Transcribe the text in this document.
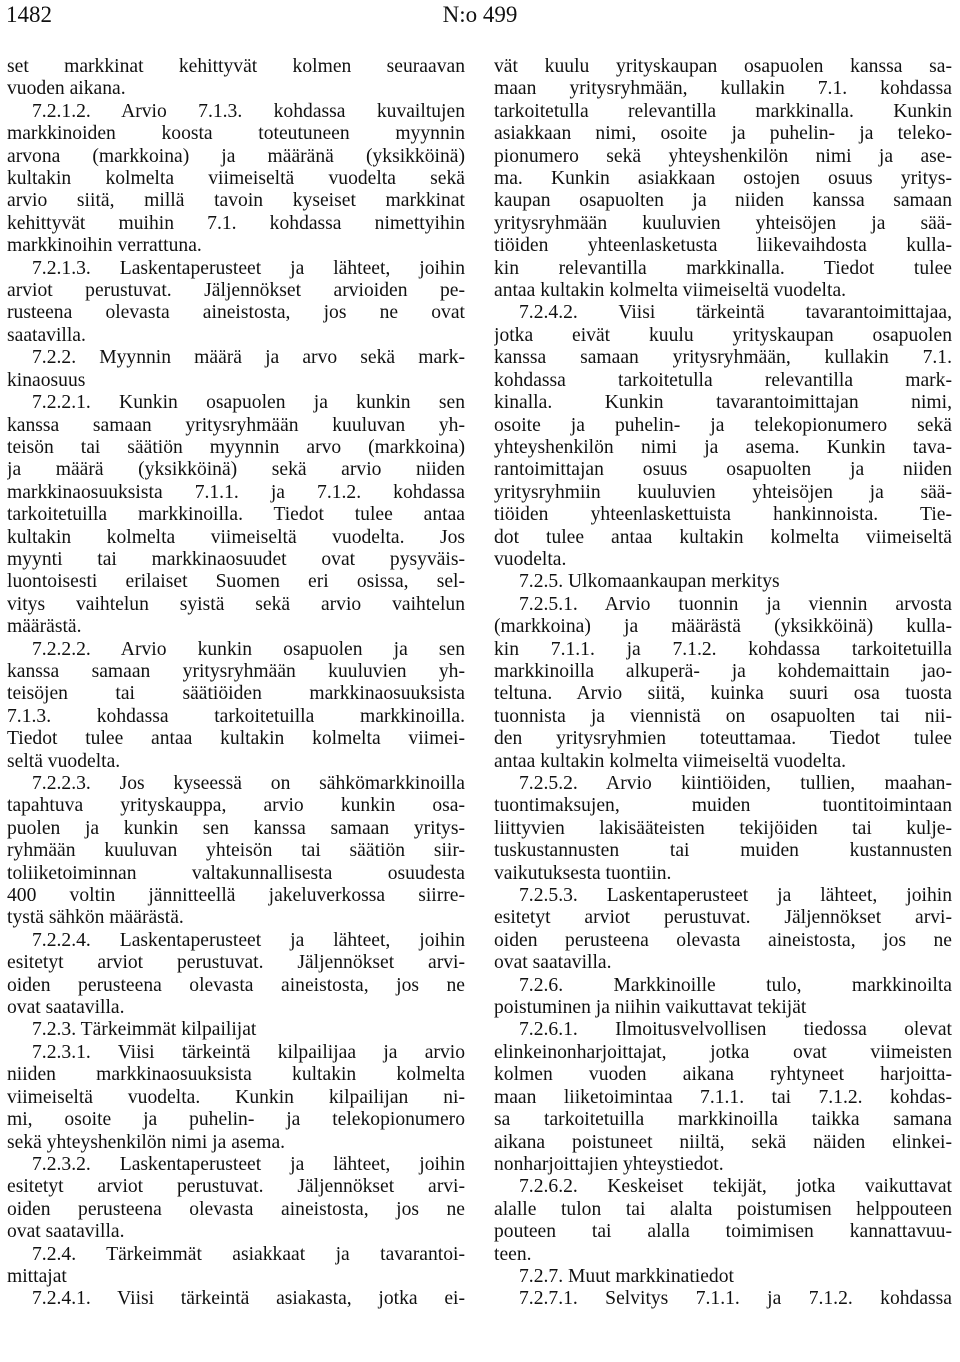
1482	N:o 499
set markkinat kehittyvät kolmen seuraavan
vuoden aikana.
7.2.1.2. Arvio 7.1.3. kohdassa kuvailtujen
markkinoiden koosta toteutuneen myynnin
arvona (markkoina) ja määränä (yksikköinä)
kultakin kolmelta viimeiseltä vuodelta sekä
arvio siitä, millä tavoin kyseiset markkinat
kehittyvät muihin 7.1. kohdassa nimettyihin
markkinoihin verrattuna.
7.2.1.3. Laskentaperusteet ja lähteet, joihin
arviot perustuvat. Jäljennökset arvioiden pe-
rusteena olevasta aineistosta, jos ne ovat
saatavilla.
7.2.2. Myynnin määrä ja arvo sekä mark-
kinaosuus
7.2.2.1. Kunkin osapuolen ja kunkin sen
kanssa samaan yritysryhmään kuuluvan yh-
teisön tai säätiön myynnin arvo (markkoina)
ja määrä (yksikköinä) sekä arvio niiden
markkinaosuuksista 7.1.1. ja 7.1.2. kohdassa
tarkoitetuilla markkinoilla. Tiedot tulee antaa
kultakin kolmelta viimeiseltä vuodelta. Jos
myynti tai markkinaosuudet ovat pysyväis-
luontoisesti erilaiset Suomen eri osissa, sel-
vitys vaihtelun syistä sekä arvio vaihtelun
määrästä.
7.2.2.2. Arvio kunkin osapuolen ja sen
kanssa samaan yritysryhmään kuuluvien yh-
teisöjen tai säätiöiden markkinaosuuksista
7.1.3. kohdassa tarkoitetuilla markkinoilla.
Tiedot tulee antaa kultakin kolmelta viimei-
seltä vuodelta.
7.2.2.3. Jos kyseessä on sähkömarkkinoilla
tapahtuva yrityskauppa, arvio kunkin osa-
puolen ja kunkin sen kanssa samaan yritys-
ryhmään kuuluvan yhteisön tai säätiön siir-
toliiketoiminnan valtakunnallisesta osuudesta
400 voltin jännitteellä jakeluverkossa siirre-
tystä sähkön määrästä.
7.2.2.4. Laskentaperusteet ja lähteet, joihin
esitetyt arviot perustuvat. Jäljennökset arvi-
oiden perusteena olevasta aineistosta, jos ne
ovat saatavilla.
7.2.3. Tärkeimmät kilpailijat
7.2.3.1. Viisi tärkeintä kilpailijaa ja arvio
niiden markkinaosuuksista kultakin kolmelta
viimeiseltä vuodelta. Kunkin kilpailijan ni-
mi, osoite ja puhelin- ja telekopionumero
sekä yhteyshenkilön nimi ja asema.
7.2.3.2. Laskentaperusteet ja lähteet, joihin
esitetyt arviot perustuvat. Jäljennökset arvi-
oiden perusteena olevasta aineistosta, jos ne
ovat saatavilla.
7.2.4. Tärkeimmät asiakkaat ja tavarantoi-
mittajat
7.2.4.1. Viisi tärkeintä asiakasta, jotka ei-
vät kuulu yrityskaupan osapuolen kanssa sa-
maan yritysryhmään, kullakin 7.1. kohdassa
tarkoitetulla relevantilla markkinalla. Kunkin
asiakkaan nimi, osoite ja puhelin- ja teleko-
pionumero sekä yhteyshenkilön nimi ja ase-
ma. Kunkin asiakkaan ostojen osuus yritys-
kaupan osapuolten ja niiden kanssa samaan
yritysryhmään kuuluvien yhteisöjen ja sää-
tiöiden yhteenlasketusta liikevaihdosta kulla-
kin relevantilla markkinalla. Tiedot tulee
antaa kultakin kolmelta viimeiseltä vuodelta.
7.2.4.2. Viisi tärkeintä tavarantoimittajaa,
jotka eivät kuulu yrityskaupan osapuolen
kanssa samaan yritysryhmään, kullakin 7.1.
kohdassa tarkoitetulla relevantilla mark-
kinalla. Kunkin tavarantoimittajan nimi,
osoite ja puhelin- ja telekopionumero sekä
yhteyshenkilön nimi ja asema. Kunkin tava-
rantoimittajan osuus osapuolten ja niiden
yritysryhmiin kuuluvien yhteisöjen ja sää-
tiöiden yhteenlaskettuista hankinnoista. Tie-
dot tulee antaa kultakin kolmelta viimeiseltä
vuodelta.
7.2.5. Ulkomaankaupan merkitys
7.2.5.1. Arvio tuonnin ja viennin arvosta
(markkoina) ja määrästä (yksikköinä) kulla-
kin 7.1.1. ja 7.1.2. kohdassa tarkoitetuilla
markkinoilla alkuperä- ja kohdemaittain jao-
teltuna. Arvio siitä, kuinka suuri osa tuosta
tuonnista ja viennistä on osapuolten tai nii-
den yritysryhmien toteuttamaa. Tiedot tulee
antaa kultakin kolmelta viimeiseltä vuodelta.
7.2.5.2. Arvio kiintiöiden, tullien, maahan-
tuontimaksujen, muiden tuontitoimintaan
liittyvien lakisääteisten tekijöiden tai kulje-
tuskustannusten tai muiden kustannusten
vaikutuksesta tuontiin.
7.2.5.3. Laskentaperusteet ja lähteet, joihin
esitetyt arviot perustuvat. Jäljennökset arvi-
oiden perusteena olevasta aineistosta, jos ne
ovat saatavilla.
7.2.6. Markkinoille tulo, markkinoilta
poistuminen ja niihin vaikuttavat tekijät
7.2.6.1. Ilmoitusvelvollisen tiedossa olevat
elinkeinonharjoittajat, jotka ovat viimeisten
kolmen vuoden aikana ryhtyneet harjoitta-
maan liiketoimintaa 7.1.1. tai 7.1.2. kohdas-
sa tarkoitetuilla markkinoilla taikka samana
aikana poistuneet niiltä, sekä näiden elinkei-
nonharjoittajien yhteystiedot.
7.2.6.2. Keskeiset tekijät, jotka vaikuttavat
alalle tulon tai alalta poistumisen helppouteen
pouteen tai alalla toimimisen kannattavuu-
teen.
7.2.7. Muut markkinatiedot
7.2.7.1. Selvitys 7.1.1. ja 7.1.2. kohdassa
